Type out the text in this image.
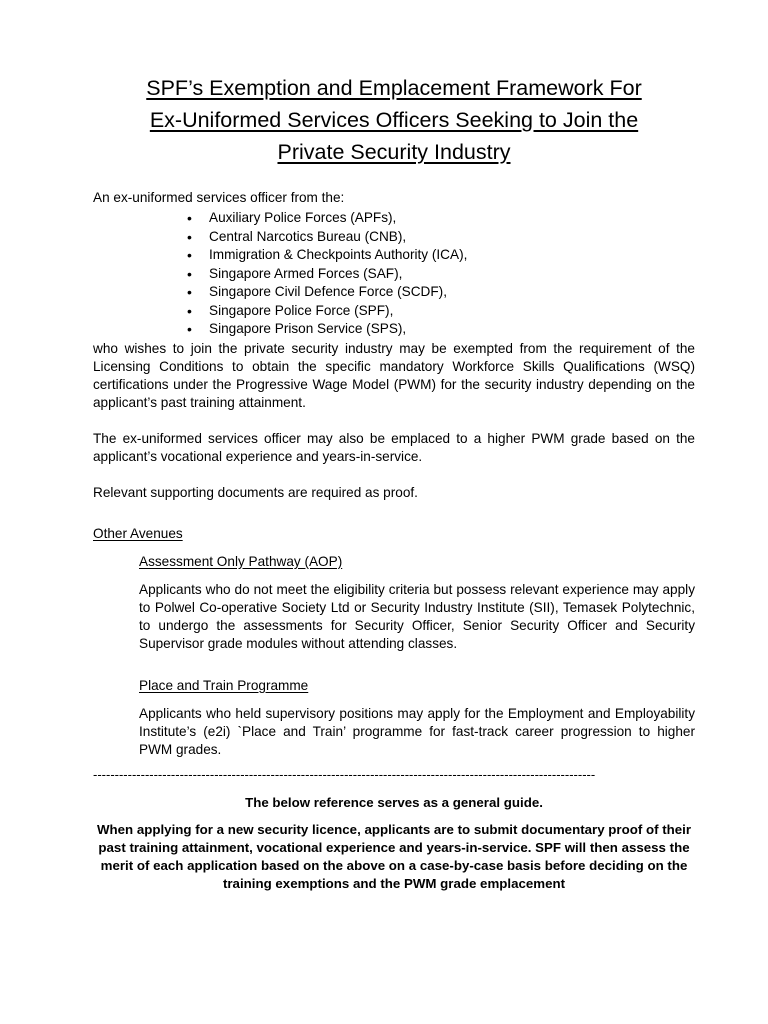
SPF’s Exemption and Emplacement Framework For
Ex-Uniformed Services Officers Seeking to Join the
Private Security Industry

An ex-uniformed services officer from the:

• Auxiliary Police Forces (APFs),
• Central Narcotics Bureau (CNB),
• Immigration & Checkpoints Authority (ICA),
• Singapore Armed Forces (SAF),
• Singapore Civil Defence Force (SCDF),
• Singapore Police Force (SPF),
• Singapore Prison Service (SPS),

who wishes to join the private security industry may be exempted from the requirement of the Licensing Conditions to obtain the specific mandatory Workforce Skills Qualifications (WSQ) certifications under the Progressive Wage Model (PWM) for the security industry depending on the applicant’s past training attainment.

The ex-uniformed services officer may also be emplaced to a higher PWM grade based on the applicant’s vocational experience and years-in-service.

Relevant supporting documents are required as proof.

Other Avenues

Assessment Only Pathway (AOP)

Applicants who do not meet the eligibility criteria but possess relevant experience may apply to Polwel Co-operative Society Ltd or Security Industry Institute (SII), Temasek Polytechnic, to undergo the assessments for Security Officer, Senior Security Officer and Security Supervisor grade modules without attending classes.

Place and Train Programme

Applicants who held supervisory positions may apply for the Employment and Employability Institute’s (e2i) `Place and Train’ programme for fast-track career progression to higher PWM grades.

--------------------------------------------------------------------------------------------------------------------

The below reference serves as a general guide.

When applying for a new security licence, applicants are to submit documentary proof of their past training attainment, vocational experience and years-in-service. SPF will then assess the merit of each application based on the above on a case-by-case basis before deciding on the training exemptions and the PWM grade emplacement
